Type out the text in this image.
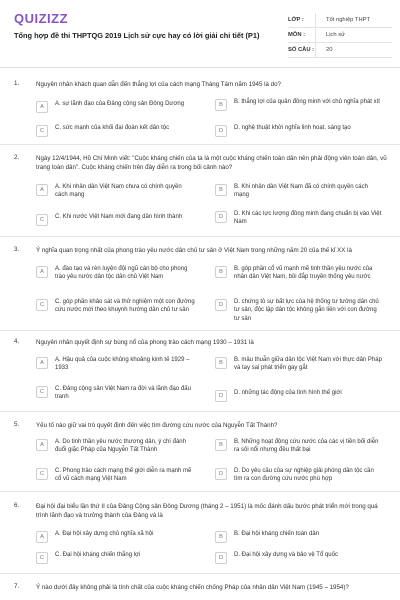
QUIZIZZ
Tổng hợp đề thi THPTQG 2019 Lịch sử cực hay có lời giải chi tiết (P1)
LỚP :	Tốt nghiệp THPT
MÔN :	Lịch sử
SỐ CÂU :	20
1.	Nguyên nhân khách quan dẫn đến thắng lợi của cách mạng Tháng Tám năm 1945 là do?
A	A. sự lãnh đạo của Đảng cộng sản Đông Dương	B	B. thắng lợi của quân đồng minh với chủ nghĩa phát xít
C	C. sức mạnh của khối đại đoàn kết dân tộc	D	D. nghệ thuật khởi nghĩa linh hoạt, sáng tạo
2.	Ngày 12/4/1944, Hồ Chí Minh viết: "Cuộc kháng chiến của ta là một cuộc kháng chiến toàn dân nên phải động viên toàn dân, vũ trang toàn dân". Cuộc kháng chiến trên đây diễn ra trong bối cảnh nào?
A	A. Khi nhân dân Việt Nam chưa có chính quyền cách mạng
B	B. Khi nhân dân Việt Nam đã có chính quyền cách mạng
C	C. Khi nước Việt Nam mới đang dần hình thành	D	D. Khi các lực lượng đồng minh đang chuẩn bị vào Việt Nam
3.	Ý nghĩa quan trọng nhất của phong trào yêu nước dân chủ tư sản ở Việt Nam trong những năm 20 của thế kỉ XX là
A	A. đào tạo và rèn luyện đội ngũ cán bộ cho phong trào yêu nước dân tộc dân chủ Việt Nam
B	B. góp phần cổ vũ mạnh mẽ tinh thần yêu nước của nhân dân Việt Nam, bồi đắp truyền thống yêu nước
C	C. góp phần khảo sát và thử nghiệm một con đường cứu nước mới theo khuynh hướng dân chủ tư sản
D	D. chứng tỏ sự bất lực của hệ thống tư tưởng dân chủ tư sản, độc lập dân tộc không gắn liền với con đường tư sản
4.	Nguyên nhân quyết định sự bùng nổ của phong trào cách mạng 1930 – 1931 là
A	A. Hậu quả của cuộc khủng khoảng kinh tế 1929 – 1933
B	B. mâu thuẫn giữa dân tộc Việt Nam với thực dân Pháp và tay sai phát triển gay gắt
C	C. Đảng cộng sản Việt Nam ra đời và lãnh đạo đấu tranh	D	D. những tác động của tình hình thế giới
5.	Yếu tố nào giữ vai trò quyết định đến việc tìm đường cứu nước của Nguyễn Tất Thành?
A	A. Do tinh thần yêu nước thương dân, ý chí đánh đuổi giặc Pháp của Nguyễn Tất Thành
B	B. Những hoạt động cứu nước của các vị tiền bối diễn ra sôi nổi nhưng đều thất bại
C	C. Phong trào cách mạng thế giới diễn ra mạnh mẽ cổ vũ cách mạng Việt Nam
D	D. Do yêu cầu của sự nghiệp giải phóng dân tộc cần tìm ra con đường cứu nước phù hợp
6.	Đại hội đại biểu lần thứ II của Đảng Cộng sản Đông Dương (tháng 2 – 1951) là mốc đánh dấu bước phát triển mới trong quá trình lãnh đạo và trưởng thành của Đảng và là
A	A. Đại hội xây dựng chủ nghĩa xã hội	B	B. Đại hội kháng chiến toàn dân
C	C. Đại hội kháng chiến thắng lợi	D	D. Đại hội xây dựng và bảo vệ Tổ quốc
7.	Ý nào dưới đây không phải là tính chất của cuộc kháng chiến chống Pháp của nhân dân Việt Nam (1945 – 1954)?
